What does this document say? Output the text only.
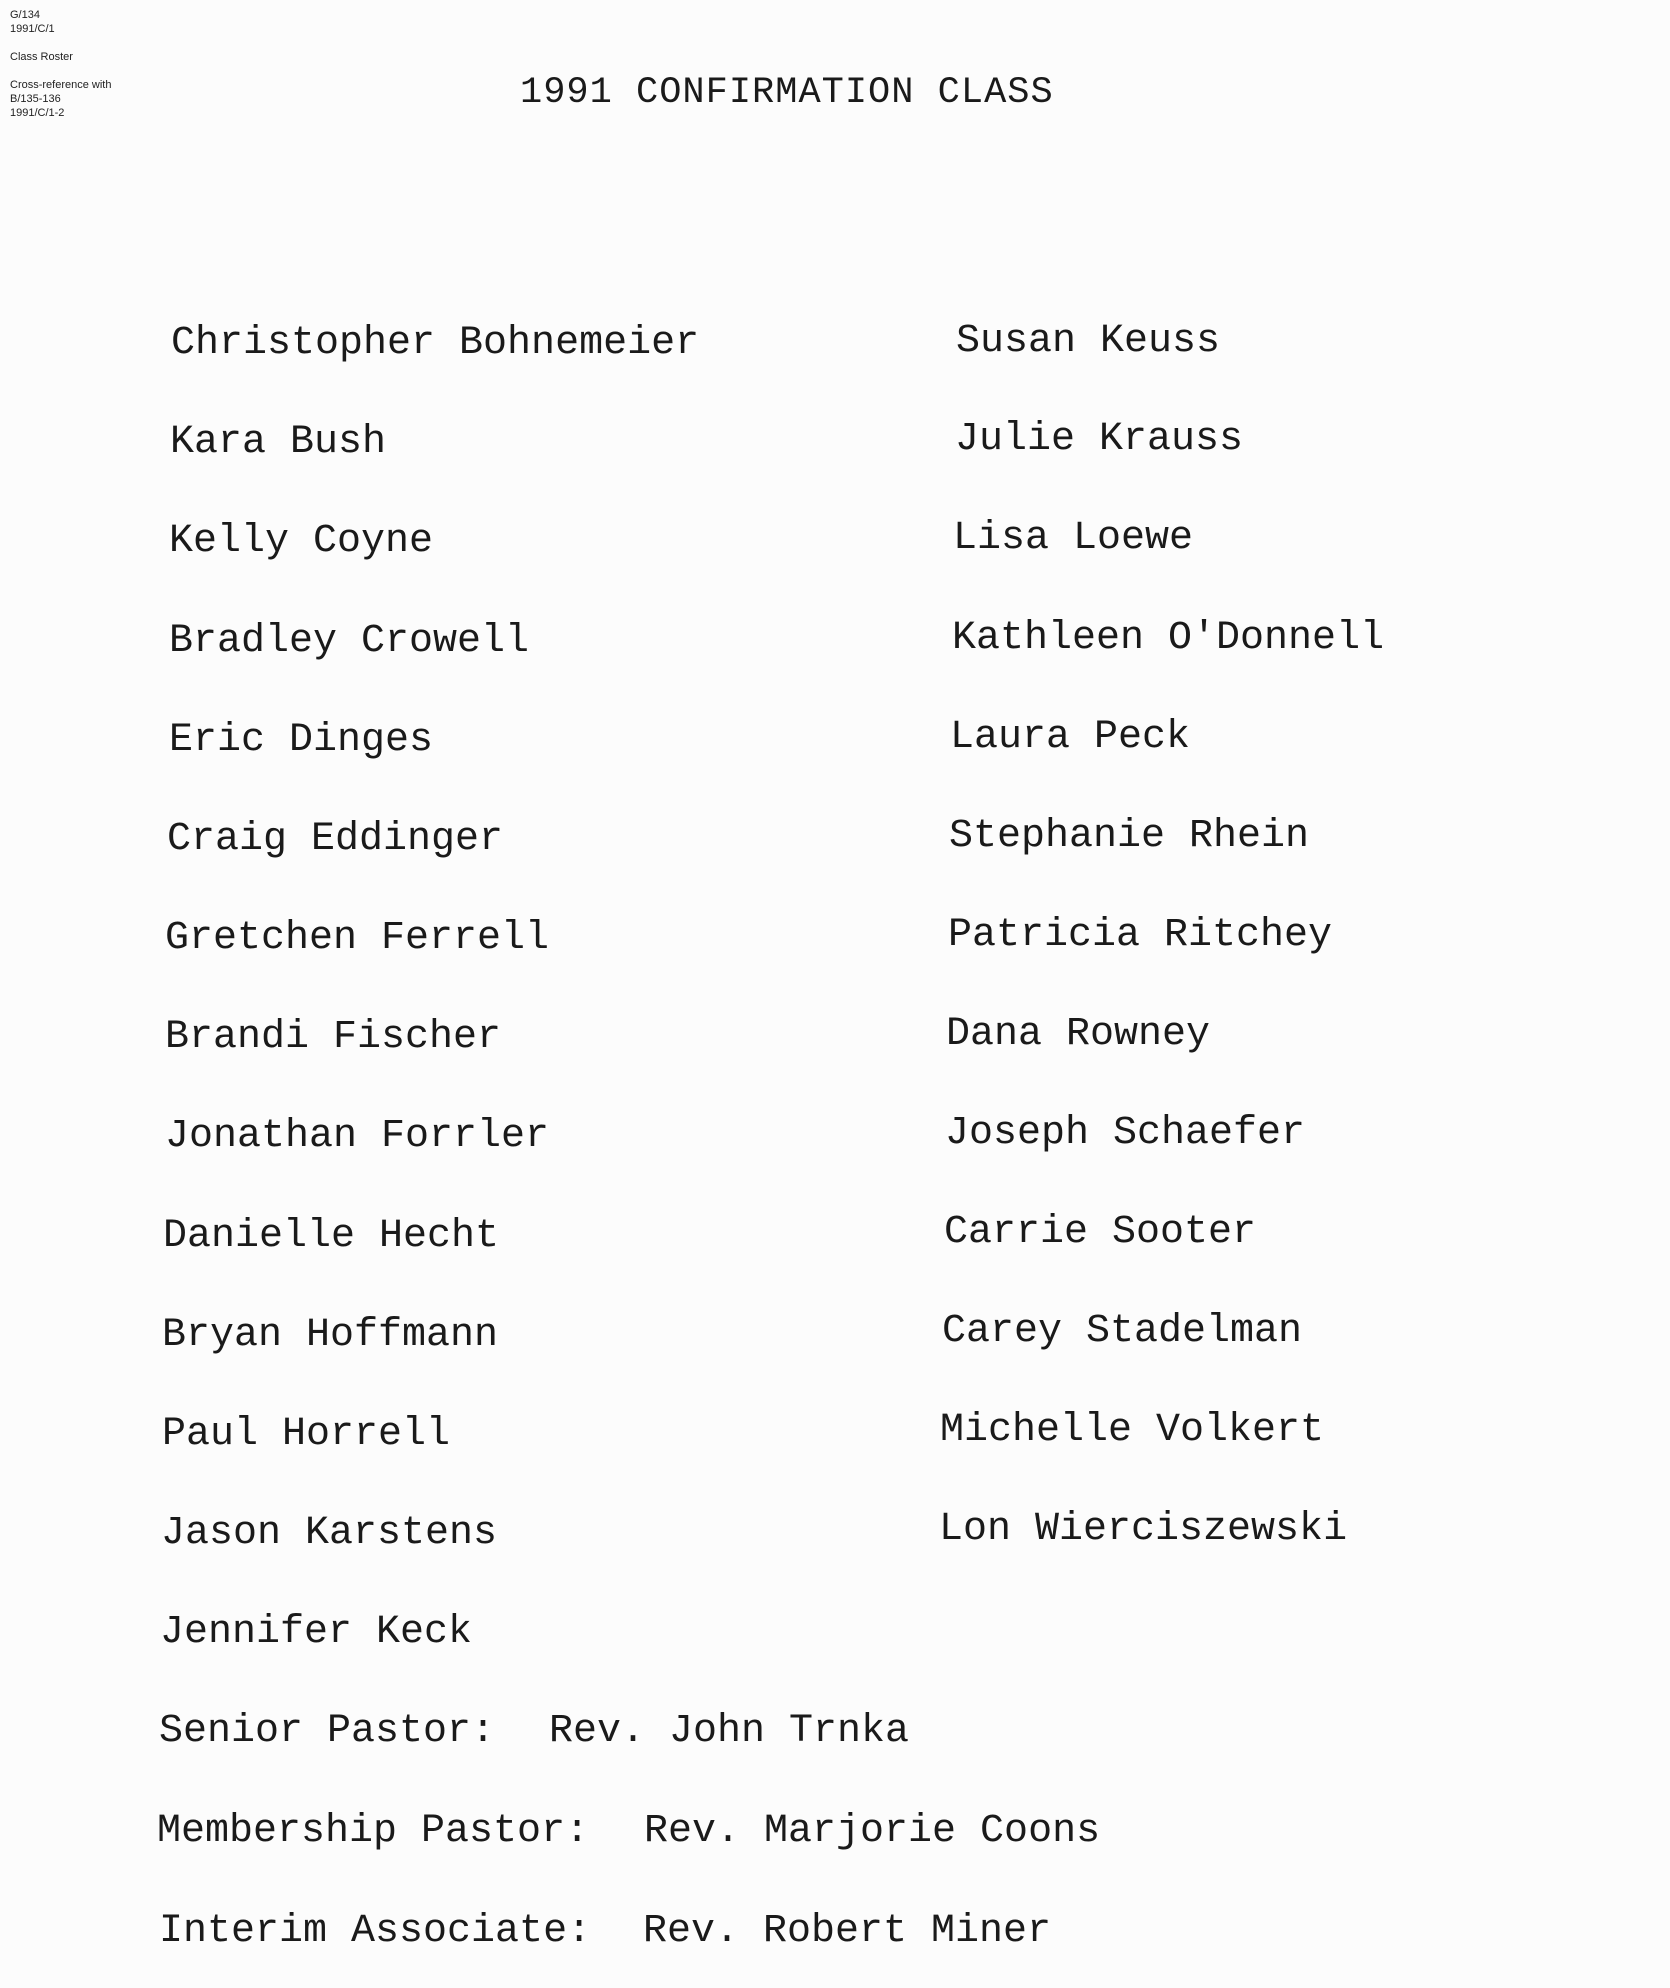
G/134
1991/C/1
Class Roster
Cross-reference with
B/135-136
1991/C/1-2	1991 CONFIRMATION CLASS
Christopher Bohnemeier
Kara Bush
Kelly Coyne
Bradley Crowell
Eric Dinges
Craig Eddinger
Gretchen Ferrell
Brandi Fischer
Jonathan Forrler
Danielle Hecht
Bryan Hoffmann
Paul Horrell
Jason Karstens
Jennifer Keck
Susan Keuss
Julie Krauss
Lisa Loewe
Kathleen O'Donnell
Laura Peck
Stephanie Rhein
Patricia Ritchey
Dana Rowney
Joseph Schaefer
Carrie Sooter
Carey Stadelman
Michelle Volkert
Lon Wierciszewski
Senior Pastor: Rev. John Trnka
Membership Pastor: Rev. Marjorie Coons
Interim Associate: Rev. Robert Miner
